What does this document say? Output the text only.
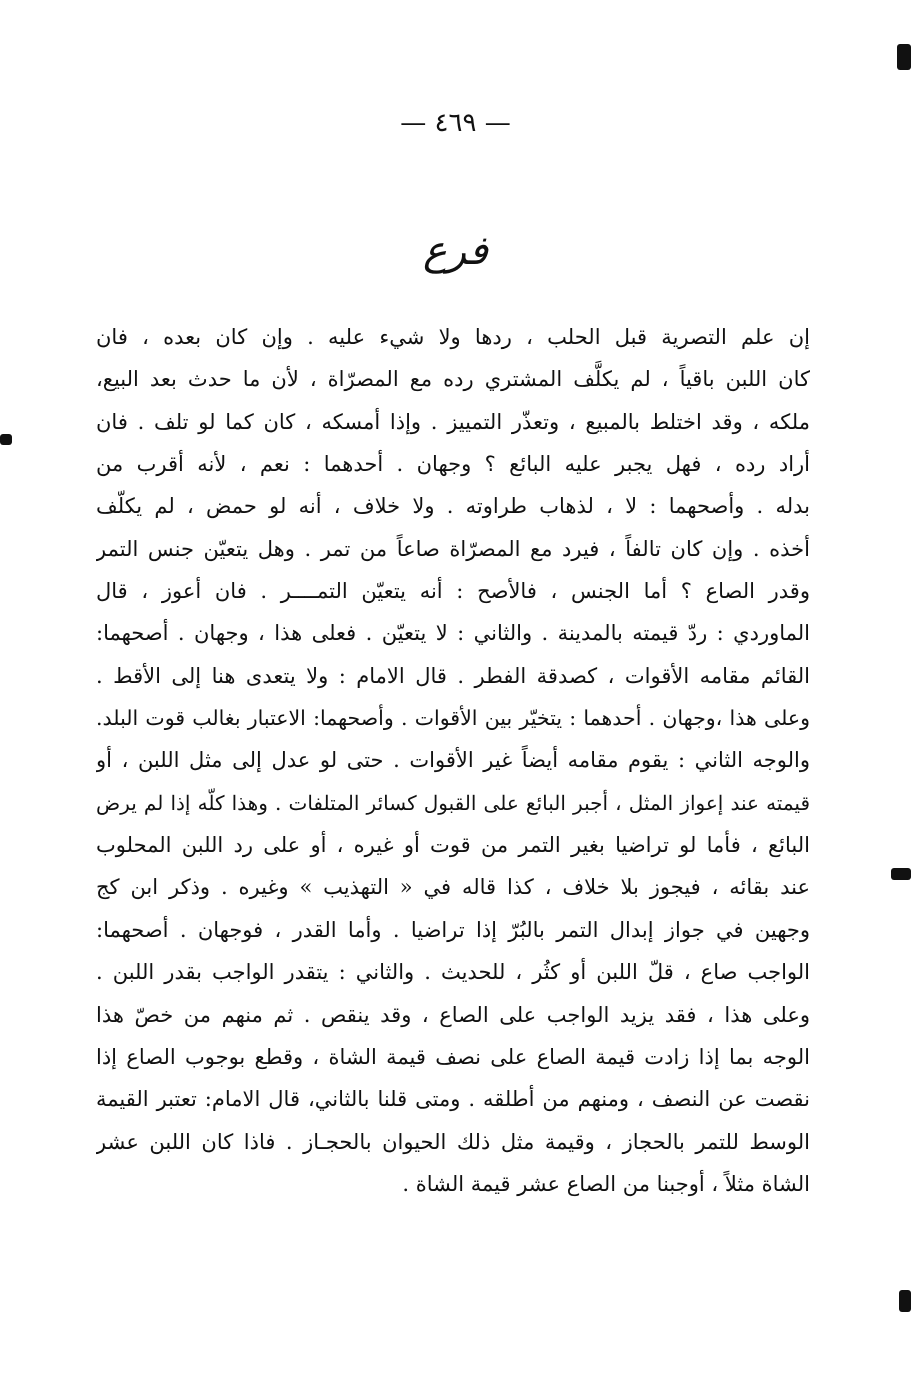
— ٤٦٩ —
فرع
إن علم التصرية قبل الحلب ، ردها ولا شيء عليه . وإن كان بعده ، فان
كان اللبن باقياً ، لم يكلَّف المشتري رده مع المصرّاة ، لأن ما حدث بعد البيع،
ملكه ، وقد اختلط بالمبيع ، وتعذّر التمييز . وإذا أمسكه ، كان كما لو تلف . فان
أراد رده ، فهل يجبر عليه البائع ؟ وجهان . أحدهما : نعم ، لأنه أقرب من
بدله . وأصحهما : لا ، لذهاب طراوته . ولا خلاف ، أنه لو حمض ، لم يكلّف
أخذه . وإن كان تالفاً ، فيرد مع المصرّاة صاعاً من تمر . وهل يتعيّن جنس التمر
وقدر الصاع ؟ أما الجنس ، فالأصح : أنه يتعيّن التمــــر . فان أعوز ، قال
الماوردي : ردّ قيمته بالمدينة . والثاني : لا يتعيّن . فعلى هذا ، وجهان . أصحهما:
القائم مقامه الأقوات ، كصدقة الفطر . قال الامام : ولا يتعدى هنا إلى الأقط .
وعلى هذا ،وجهان . أحدهما : يتخيّر بين الأقوات . وأصحهما: الاعتبار بغالب قوت البلد.
والوجه الثاني : يقوم مقامه أيضاً غير الأقوات . حتى لو عدل إلى مثل اللبن ، أو
قيمته عند إعواز المثل ، أجبر البائع على القبول كسائر المتلفات . وهذا كلّه إذا لم يرض
البائع ، فأما لو تراضيا بغير التمر من قوت أو غيره ، أو على رد اللبن المحلوب
عند بقائه ، فيجوز بلا خلاف ، كذا قاله في « التهذيب » وغيره . وذكر ابن كج
وجهين في جواز إبدال التمر بالبُرّ إذا تراضيا . وأما القدر ، فوجهان . أصحهما:
الواجب صاع ، قلّ اللبن أو كثُر ، للحديث . والثاني : يتقدر الواجب بقدر اللبن .
وعلى هذا ، فقد يزيد الواجب على الصاع ، وقد ينقص . ثم منهم من خصّ هذا
الوجه بما إذا زادت قيمة الصاع على نصف قيمة الشاة ، وقطع بوجوب الصاع إذا
نقصت عن النصف ، ومنهم من أطلقه . ومتى قلنا بالثاني، قال الامام: تعتبر القيمة
الوسط للتمر بالحجاز ، وقيمة مثل ذلك الحيوان بالحجـاز . فاذا كان اللبن عشر
الشاة مثلاً ، أوجبنا من الصاع عشر قيمة الشاة .
